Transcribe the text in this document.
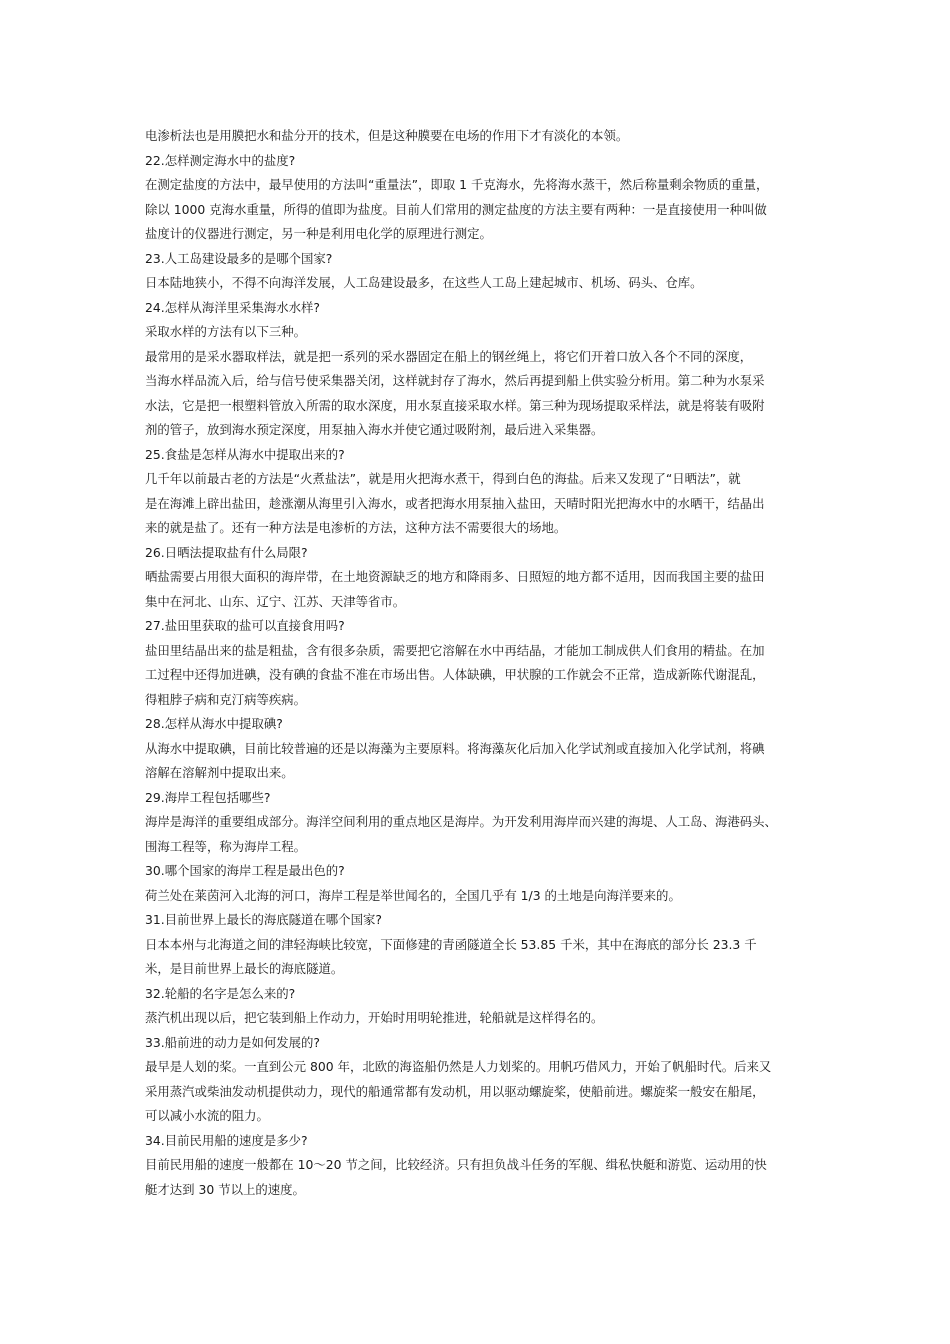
电渗析法也是用膜把水和盐分开的技术，但是这种膜要在电场的作用下才有淡化的本领。
22.怎样测定海水中的盐度?
在测定盐度的方法中，最早使用的方法叫“重量法”，即取 1 千克海水，先将海水蒸干，然后称量剩余物质的重量，
除以 1000 克海水重量，所得的值即为盐度。目前人们常用的测定盐度的方法主要有两种：一是直接使用一种叫做
盐度计的仪器进行测定，另一种是利用电化学的原理进行测定。
23.人工岛建设最多的是哪个国家?
日本陆地狭小，不得不向海洋发展，人工岛建设最多，在这些人工岛上建起城市、机场、码头、仓库。
24.怎样从海洋里采集海水水样?
采取水样的方法有以下三种。
最常用的是采水器取样法，就是把一系列的采水器固定在船上的钢丝绳上，将它们开着口放入各个不同的深度，
当海水样品流入后，给与信号使采集器关闭，这样就封存了海水，然后再提到船上供实验分析用。第二种为水泵采
水法，它是把一根塑料管放入所需的取水深度，用水泵直接采取水样。第三种为现场提取采样法，就是将装有吸附
剂的管子，放到海水预定深度，用泵抽入海水并使它通过吸附剂，最后进入采集器。
25.食盐是怎样从海水中提取出来的?
几千年以前最古老的方法是“火煮盐法”，就是用火把海水煮干，得到白色的海盐。后来又发现了“日晒法”，就
是在海滩上辟出盐田，趁涨潮从海里引入海水，或者把海水用泵抽入盐田，天晴时阳光把海水中的水晒干，结晶出
来的就是盐了。还有一种方法是电渗析的方法，这种方法不需要很大的场地。
26.日晒法提取盐有什么局限?
晒盐需要占用很大面积的海岸带，在土地资源缺乏的地方和降雨多、日照短的地方都不适用，因而我国主要的盐田
集中在河北、山东、辽宁、江苏、天津等省市。
27.盐田里获取的盐可以直接食用吗?
盐田里结晶出来的盐是粗盐，含有很多杂质，需要把它溶解在水中再结晶，才能加工制成供人们食用的精盐。在加
工过程中还得加进碘，没有碘的食盐不准在市场出售。人体缺碘，甲状腺的工作就会不正常，造成新陈代谢混乱，
得粗脖子病和克汀病等疾病。
28.怎样从海水中提取碘?
从海水中提取碘，目前比较普遍的还是以海藻为主要原料。将海藻灰化后加入化学试剂或直接加入化学试剂，将碘
溶解在溶解剂中提取出来。
29.海岸工程包括哪些?
海岸是海洋的重要组成部分。海洋空间利用的重点地区是海岸。为开发利用海岸而兴建的海堤、人工岛、海港码头、
围海工程等，称为海岸工程。
30.哪个国家的海岸工程是最出色的?
荷兰处在莱茵河入北海的河口，海岸工程是举世闻名的，全国几乎有 1/3 的土地是向海洋要来的。
31.目前世界上最长的海底隧道在哪个国家?
日本本州与北海道之间的津轻海峡比较宽，下面修建的青函隧道全长 53.85 千米，其中在海底的部分长 23.3 千
米，是目前世界上最长的海底隧道。
32.轮船的名字是怎么来的?
蒸汽机出现以后，把它装到船上作动力，开始时用明轮推进，轮船就是这样得名的。
33.船前进的动力是如何发展的?
最早是人划的桨。一直到公元 800 年，北欧的海盗船仍然是人力划桨的。用帆巧借风力，开始了帆船时代。后来又
采用蒸汽或柴油发动机提供动力，现代的船通常都有发动机，用以驱动螺旋桨，使船前进。螺旋桨一般安在船尾，
可以减小水流的阻力。
34.目前民用船的速度是多少?
目前民用船的速度一般都在 10～20 节之间，比较经济。只有担负战斗任务的军舰、缉私快艇和游览、运动用的快
艇才达到 30 节以上的速度。
